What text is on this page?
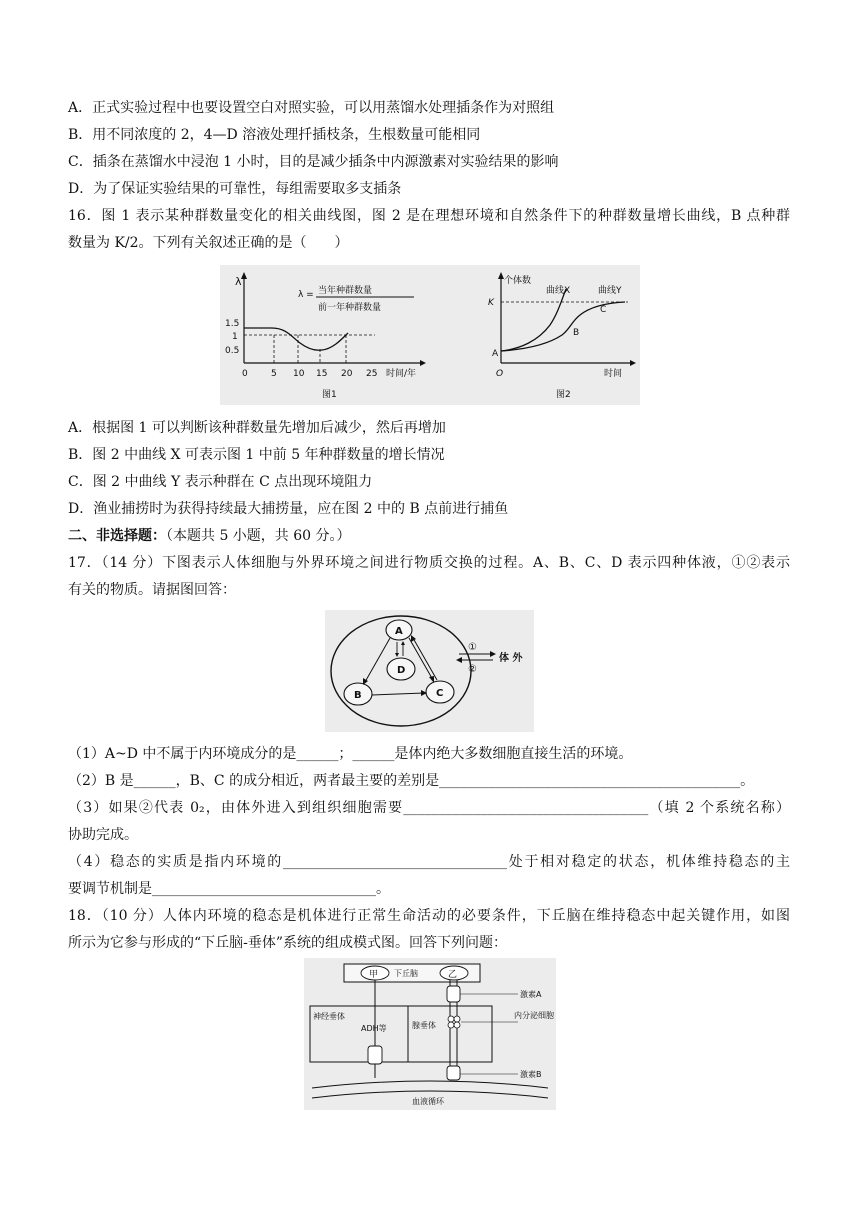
A．正式实验过程中也要设置空白对照实验，可以用蒸馏水处理插条作为对照组
B．用不同浓度的 2，4—D 溶液处理扦插枝条，生根数量可能相同
C．插条在蒸馏水中浸泡 1 小时，目的是减少插条中内源激素对实验结果的影响
D．为了保证实验结果的可靠性，每组需要取多支插条
16．图 1 表示某种群数量变化的相关曲线图，图 2 是在理想环境和自然条件下的种群数量增长曲线，B 点种群
数量为 K/2。下列有关叙述正确的是（　　）
λ
λ = 当年种群数量
前一年种群数量
1.5
1
0.5
0	5 10 15 20 25 时间/年
图1
个体数
K
曲线X	曲线Y
A
B
C
O	时间
图2
A．根据图 1 可以判断该种群数量先增加后减少，然后再增加
B．图 2 中曲线 X 可表示图 1 中前 5 年种群数量的增长情况
C．图 2 中曲线 Y 表示种群在 C 点出现环境阻力
D．渔业捕捞时为获得持续最大捕捞量，应在图 2 中的 B 点前进行捕鱼
二、非选择题：（本题共 5 小题，共 60 分。）
17．（14 分）下图表示人体细胞与外界环境之间进行物质交换的过程。A、B、C、D 表示四种体液，①②表示
有关的物质。请据图回答：
A
D
B	C
①
②
体 外
（1）A~D 中不属于内环境成分的是______；______是体内绝大多数细胞直接生活的环境。
（2）B 是______，B、C 的成分相近，两者最主要的差别是___________________________________________。
（3）如果②代表 0₂，由体外进入到组织细胞需要___________________________________（填 2 个系统名称）
协助完成。
（4）稳态的实质是指内环境的________________________________处于相对稳定的状态，机体维持稳态的主
要调节机制是________________________________。
18．（10 分）人体内环境的稳态是机体进行正常生命活动的必要条件，下丘脑在维持稳态中起关键作用，如图
所示为它参与形成的“下丘脑-垂体”系统的组成模式图。回答下列问题：
甲 下丘脑	乙
激素A
神经垂体
ADH等	腺垂体
内分泌细胞
激素B
血液循环
